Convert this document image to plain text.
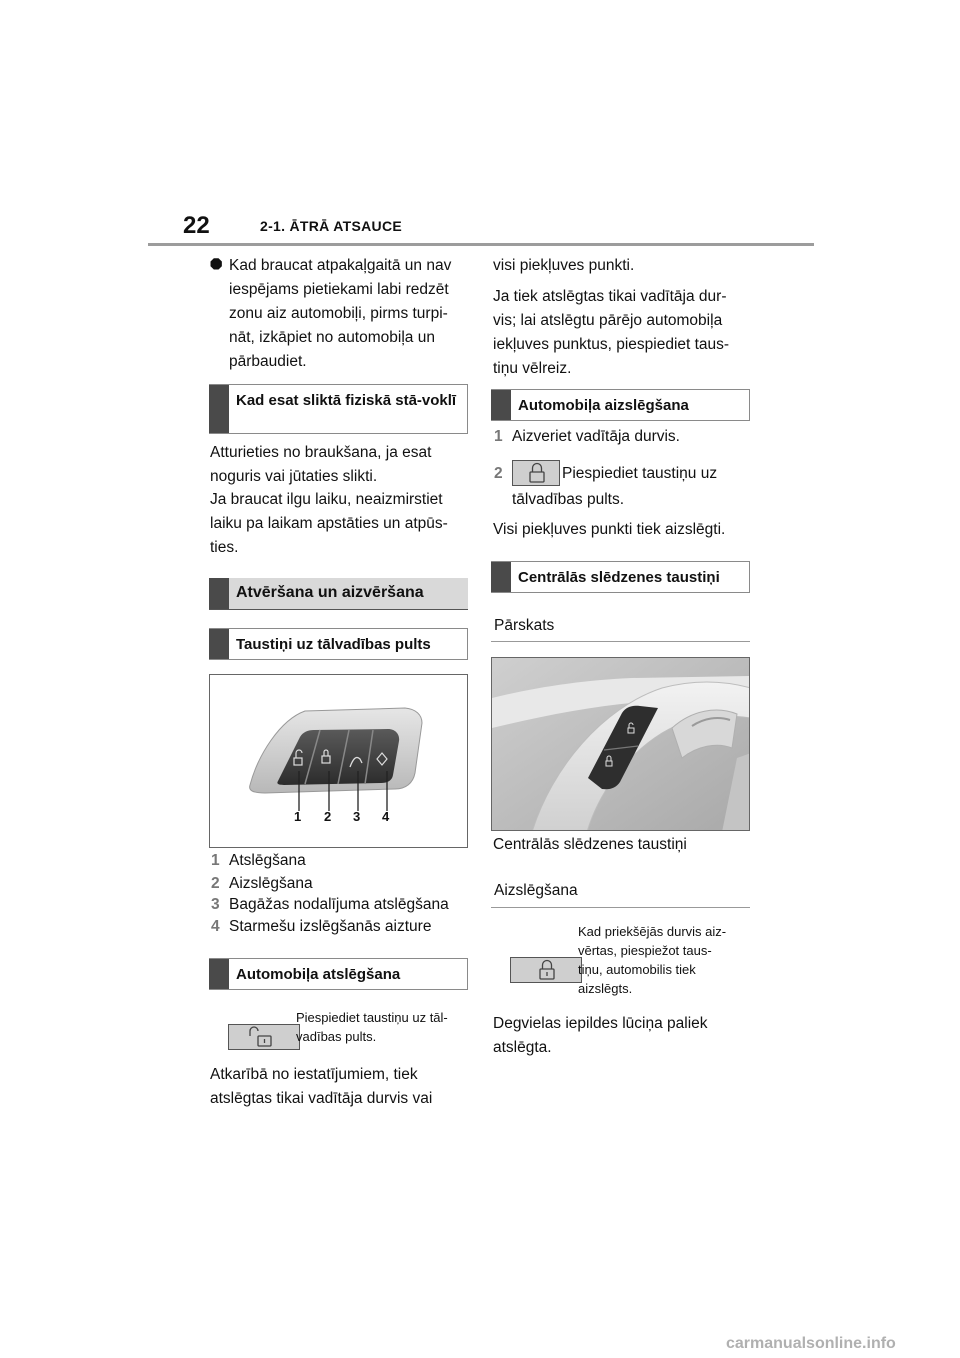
22	2-1. ĀTRĀ ATSAUCE
⯃ Kad braucat atpakaļgaitā un nav
iespējams pietiekami labi redzēt
zonu aiz automobiļi, pirms turpi-
nāt, izkāpiet no automobiļa un
pārbaudiet.
Kad esat sliktā fiziskā stā-voklī
Atturieties no braukšana, ja esat
noguris vai jūtaties slikti.
Ja braucat ilgu laiku, neaizmirstiet
laiku pa laikam apstāties un atpūs-
ties.
Atvēršana un aizvēršana
Taustiņi uz tālvadības pults
1 2 3 4
1 Atslēgšana
2 Aizslēgšana
3 Bagāžas nodalījuma atslēgšana
4 Starmešu izslēgšanās aizture
Automobiļa atslēgšana
Piespiediet taustiņu uz tāl-
vadības pults.
Atkarībā no iestatījumiem, tiek
atslēgtas tikai vadītāja durvis vai
visi piekļuves punkti.
Ja tiek atslēgtas tikai vadītāja dur-
vis; lai atslēgtu pārējo automobiļa
iekļuves punktus, piespiediet taus-
tiņu vēlreiz.
Automobiļa aizslēgšana
1 Aizveriet vadītāja durvis.
2	Piespiediet taustiņu uz
tālvadības pults.
Visi piekļuves punkti tiek aizslēgti.
Centrālās slēdzenes taustiņi
Pārskats
Centrālās slēdzenes taustiņi
Aizslēgšana
Kad priekšējās durvis aiz-
vērtas, piespiežot taus-
tiņu, automobilis tiek
aizslēgts.
Degvielas iepildes lūciņa paliek
atslēgta.
carmanualsonline.info
